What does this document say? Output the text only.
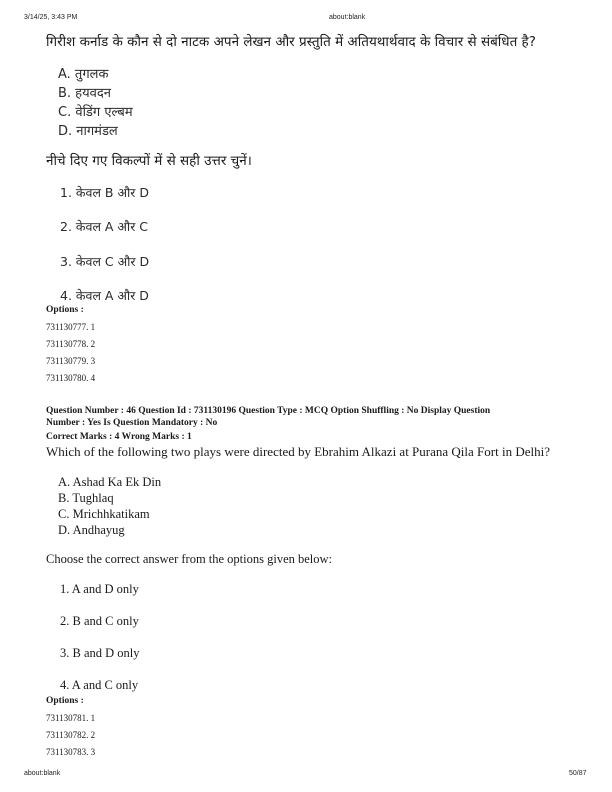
3/14/25, 3:43 PM	about:blank
गिरीश कर्नाड के कौन से दो नाटक अपने लेखन और प्रस्तुति में अतियथार्थवाद के विचार से संबंधित है?
A. तुगलक
B. हयवदन
C. वेडिंग एल्बम
D. नागमंडल
नीचे दिए गए विकल्पों में से सही उत्तर चुनें।
1. केवल B और D
2. केवल A और C
3. केवल C और D
4. केवल A और D
Options :
731130777. 1
731130778. 2
731130779. 3
731130780. 4
Question Number : 46 Question Id : 731130196 Question Type : MCQ Option Shuffling : No Display Question
Number : Yes Is Question Mandatory : No
Correct Marks : 4 Wrong Marks : 1
Which of the following two plays were directed by Ebrahim Alkazi at Purana Qila Fort in Delhi?
A. Ashad Ka Ek Din
B. Tughlaq
C. Mrichhkatikam
D. Andhayug
Choose the correct answer from the options given below:
1. A and D only
2. B and C only
3. B and D only
4. A and C only
Options :
731130781. 1
731130782. 2
731130783. 3
about:blank	50/87
